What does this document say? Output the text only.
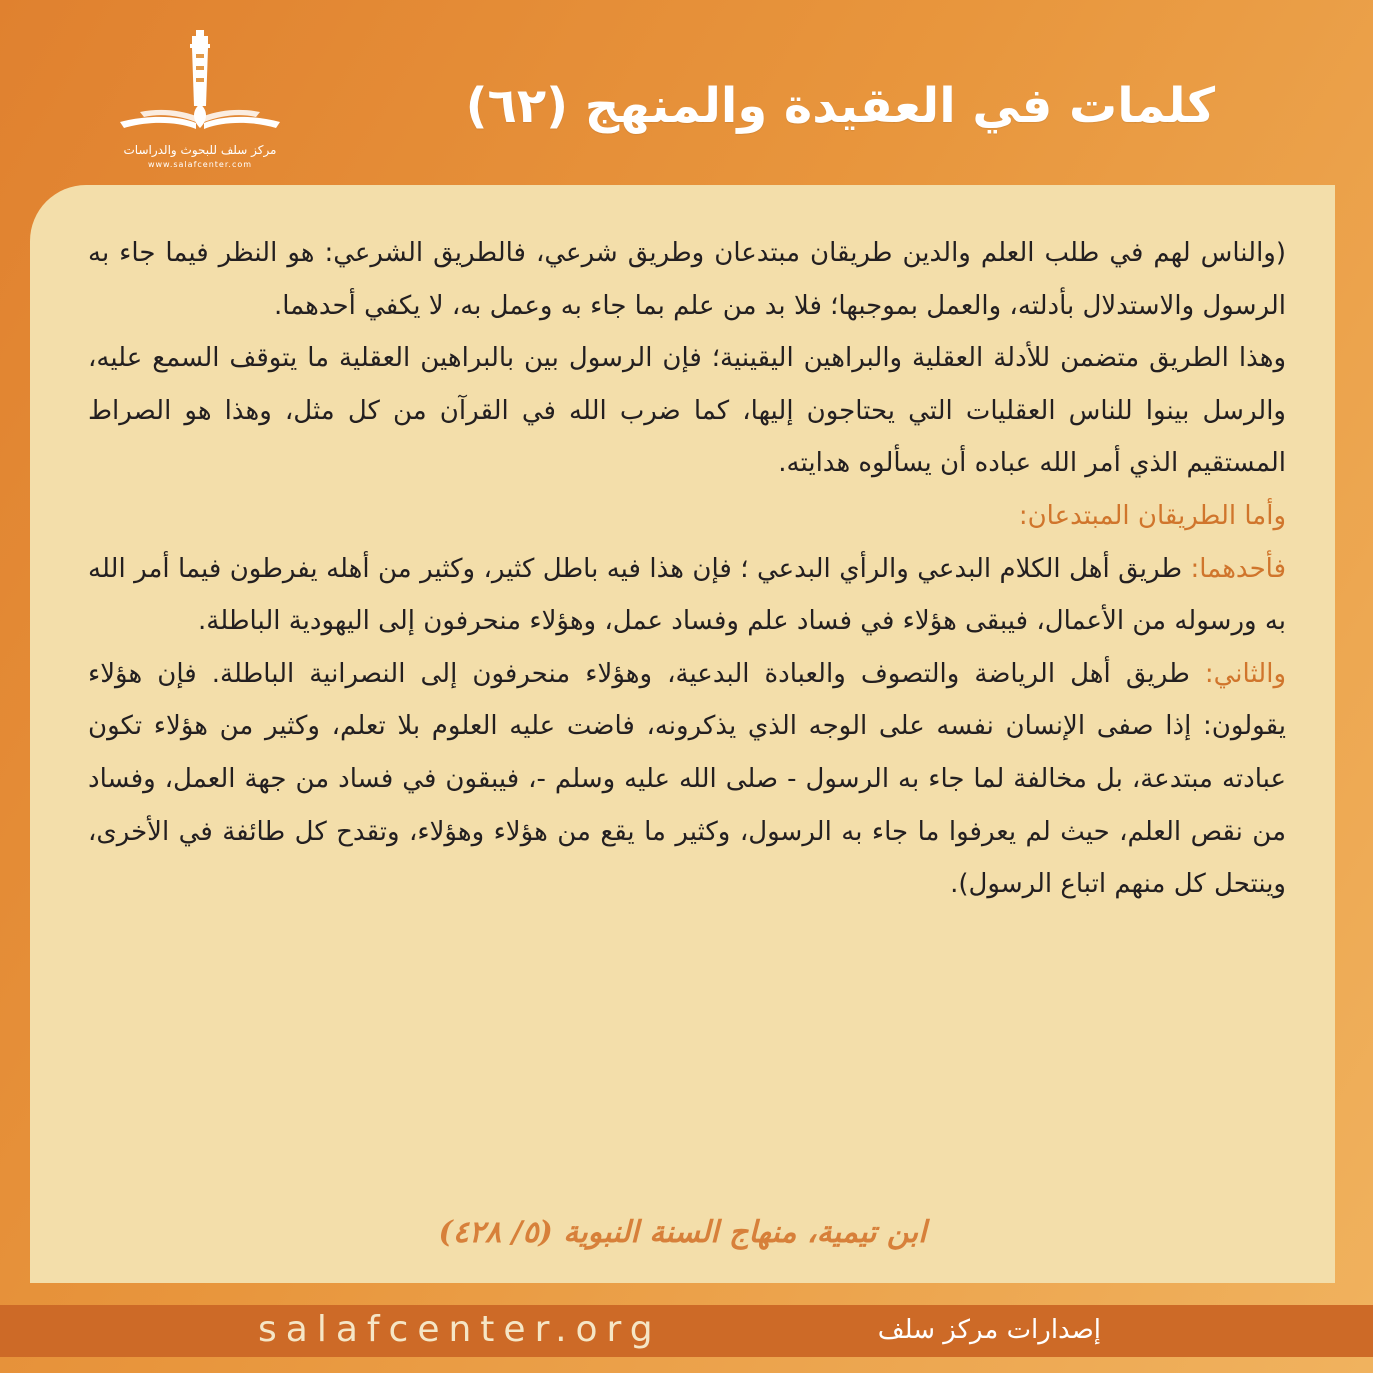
مركز سلف للبحوث والدراسات
www.salafcenter.com
كلمات في العقيدة والمنهج (٦٢)

(والناس لهم في طلب العلم والدين طريقان مبتدعان وطريق شرعي، فالطريق الشرعي: هو النظر فيما جاء به الرسول والاستدلال بأدلته، والعمل بموجبها؛ فلا بد من علم بما جاء به وعمل به، لا يكفي أحدهما.

وهذا الطريق متضمن للأدلة العقلية والبراهين اليقينية؛ فإن الرسول بين بالبراهين العقلية ما يتوقف السمع عليه، والرسل بينوا للناس العقليات التي يحتاجون إليها، كما ضرب الله في القرآن من كل مثل، وهذا هو الصراط المستقيم الذي أمر الله عباده أن يسألوه هدايته.

وأما الطريقان المبتدعان:

فأحدهما: طريق أهل الكلام البدعي والرأي البدعي ؛ فإن هذا فيه باطل كثير، وكثير من أهله يفرطون فيما أمر الله به ورسوله من الأعمال، فيبقى هؤلاء في فساد علم وفساد عمل، وهؤلاء منحرفون إلى اليهودية الباطلة.

والثاني: طريق أهل الرياضة والتصوف والعبادة البدعية، وهؤلاء منحرفون إلى النصرانية الباطلة. فإن هؤلاء يقولون: إذا صفى الإنسان نفسه على الوجه الذي يذكرونه، فاضت عليه العلوم بلا تعلم، وكثير من هؤلاء تكون عبادته مبتدعة، بل مخالفة لما جاء به الرسول - صلى الله عليه وسلم -، فيبقون في فساد من جهة العمل، وفساد من نقص العلم، حيث لم يعرفوا ما جاء به الرسول، وكثير ما يقع من هؤلاء وهؤلاء، وتقدح كل طائفة في الأخرى، وينتحل كل منهم اتباع الرسول).

ابن تيمية، منهاج السنة النبوية (٥/ ٤٢٨)
salafcenter.org	إصدارات مركز سلف
